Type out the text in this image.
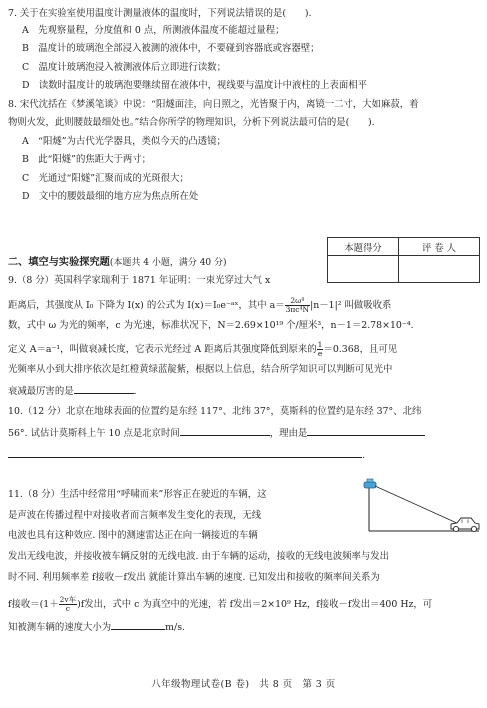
7. 关于在实验室使用温度计测量液体的温度时，下列说法错误的是(　　).
A　先观察量程，分度值和 0 点，所测液体温度不能超过量程；
B　温度计的玻璃泡全部浸入被测的液体中，不要碰到容器底或容器壁；
C　温度计玻璃泡浸入被测液体后立即进行读数；
D　读数时温度计的玻璃泡要继续留在液体中，视线要与温度计中液柱的上表面相平
8. 宋代沈括在《梦溪笔谈》中说：“阳燧面洼，向日照之，光皆聚于内，离镜一二寸，大如麻菽，着
物则火发，此则腰鼓最细处也。”结合你所学的物理知识，分析下列说法最可信的是(　　).
A　“阳燧”为古代光学器具，类似今天的凸透镜；
B　此“阳燧”的焦距大于两寸；
C　光通过“阳燧”汇聚而成的光斑很大；
D　文中的腰鼓最细的地方应为焦点所在处
本题得分	评 卷 人

二、填空与实验探究题(本题共 4 小题，满分 40 分)
9.（8 分）英国科学家瑞利于 1871 年证明：一束光穿过大气 x
距离后，其强度从 I₀ 下降为 I(x) 的公式为 I(x)＝I₀e⁻ᵃˣ，其中 $a= \frac{\text{2ω⁴}}{\text{3πc⁴N}} |n-1|^2$ 叫做吸收系
数，式中 ω 为光的频率，c 为光速，标准状况下，N＝2.69×10¹⁹ 个/厘米³，n－1＝2.78×10⁻⁴.
定义 A＝a⁻¹，叫做衰减长度，它表示光经过 A 距离后其强度降低到原来的 $\frac{1}{e} =0.368$，且可见
光频率从小到大排序依次是红橙黄绿蓝靛紫，根据以上信息，结合所学知识可以判断可见光中
衰减最厉害的是	.
10.（12 分）北京在地球表面的位置约是东经 117°、北纬 37°，莫斯科的位置约是东经 37°、北纬
56°. 试估计莫斯科上午 10 点是北京时间	，理由是
.
11.（8 分）生活中经常用“呼啸而来”形容正在驶近的车辆，这
是声波在传播过程中对接收者而言频率发生变化的表现，无线
电波也具有这种效应. 图中的测速雷达正在向一辆接近的车辆
发出无线电波，并接收被车辆反射的无线电波. 由于车辆的运动，接收的无线电波频率与发出
时不同. 利用频率差 f接收－f发出 就能计算出车辆的速度. 已知发出和接收的频率间关系为
f接收$=(1+ \frac{\text{2v车}}{c} )f$发出，式中 c 为真空中的光速，若 f发出＝2×10⁹ Hz，f接收－f发出＝400 Hz，可
知被测车辆的速度大小为	m/s.
八年级物理试卷(B 卷)　共 8 页　第 3 页
